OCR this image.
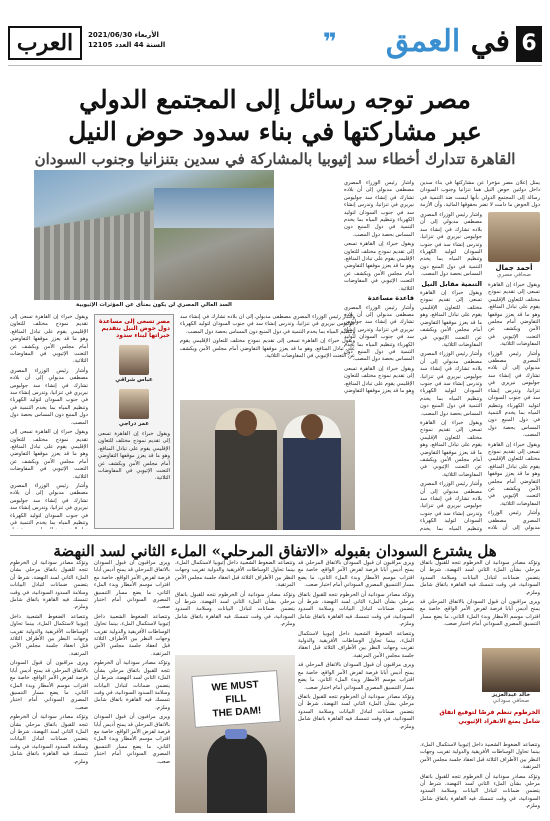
6
في العمق
❞
العرب	الأربعاء 2021/06/30
السنة 44 العدد 12105
مصر توجه رسائل إلى المجتمع الدولي
عبر مشاركتها في بناء سدود حوض النيل
القاهرة تتدارك أخطاء سد إثيوبيا بالمشاركة في سدين بتنزانيا وجنوب السودان
أحمد جمال
صحافي مصري
يمثل إعلان مصر مؤخرا عن مشاركتها في بناء سدين داخل دولتين حوض النيل هما تنزانيا وجنوب السودان رسالة إلى المجتمع الدولي بأنها ليست ضد التنمية في دول الحوض ما دامت لا تضر بحقوقها المائية، وأن الأزمة

وأشار رئيس الوزراء المصري مصطفى مدبولي إلى أن بلاده تشارك في إنشاء سد جوليوس نيريري في تنزانيا، وتدرس إنشاء سد في جنوب السودان لتوليد الكهرباء وتنظيم المياه بما يخدم التنمية في دول المنبع دون المساس بحصة دول المصب.

التنمية مقابل النيل

ويقول خبراء إن القاهرة تسعى إلى تقديم نموذج مختلف للتعاون الإقليمي يقوم على تبادل المنافع، وهو ما قد يعزز موقفها التفاوضي أمام مجلس الأمن ويكشف عن التعنت الإثيوبي في المفاوضات الثلاثية.

وأشار رئيس الوزراء المصري مصطفى مدبولي إلى أن بلاده تشارك في إنشاء سد جوليوس نيريري في تنزانيا، وتدرس إنشاء سد في جنوب السودان لتوليد الكهرباء وتنظيم المياه بما يخدم التنمية في دول المنبع دون المساس بحصة دول المصب.

ويقول خبراء إن القاهرة تسعى إلى تقديم نموذج مختلف للتعاون الإقليمي يقوم على تبادل المنافع، وهو ما قد يعزز موقفها التفاوضي أمام مجلس الأمن ويكشف عن التعنت الإثيوبي في المفاوضات الثلاثية.

وأشار رئيس الوزراء المصري مصطفى مدبولي إلى أن بلاده تشارك في إنشاء سد جوليوس نيريري في تنزانيا، وتدرس إنشاء سد في جنوب السودان لتوليد الكهرباء وتنظيم المياه بما يخدم

ويقول خبراء إن القاهرة تسعى إلى تقديم نموذج مختلف للتعاون الإقليمي يقوم على تبادل المنافع، وهو ما قد يعزز موقفها التفاوضي أمام مجلس الأمن ويكشف عن التعنت الإثيوبي في المفاوضات الثلاثية.

وأشار رئيس الوزراء المصري مصطفى مدبولي إلى أن بلاده تشارك في إنشاء سد جوليوس نيريري في تنزانيا، وتدرس إنشاء سد في جنوب السودان لتوليد الكهرباء وتنظيم المياه بما يخدم التنمية في دول المنبع دون المساس بحصة دول المصب.

ويقول خبراء إن القاهرة تسعى إلى تقديم نموذج مختلف للتعاون الإقليمي يقوم على تبادل المنافع، وهو ما قد يعزز موقفها التفاوضي أمام مجلس الأمن ويكشف عن التعنت الإثيوبي في المفاوضات الثلاثية.

وأشار رئيس الوزراء المصري مصطفى مدبولي إلى أن بلاده

وأشار رئيس الوزراء المصري مصطفى مدبولي إلى أن بلاده تشارك في إنشاء سد جوليوس نيريري في تنزانيا، وتدرس إنشاء سد في جنوب السودان لتوليد الكهرباء وتنظيم المياه بما يخدم التنمية في دول المنبع دون المساس بحصة دول المصب.

ويقول خبراء إن القاهرة تسعى إلى تقديم نموذج مختلف للتعاون الإقليمي يقوم على تبادل المنافع، وهو ما قد يعزز موقفها التفاوضي أمام مجلس الأمن ويكشف عن التعنت الإثيوبي في المفاوضات الثلاثية.

قاعدة مساعدة

وأشار رئيس الوزراء المصري مصطفى مدبولي إلى أن بلاده تشارك في إنشاء سد جوليوس نيريري في تنزانيا، وتدرس إنشاء سد في جنوب السودان لتوليد الكهرباء وتنظيم المياه بما يخدم التنمية في دول المنبع دون المساس بحصة دول المصب.

ويقول خبراء إن القاهرة تسعى إلى تقديم نموذج مختلف للتعاون الإقليمي يقوم على تبادل المنافع، وهو ما قد يعزز موقفها التفاوضي

السد العالي المصري لن يكون بمنأى عن المؤثرات الإثيوبية

ويقول خبراء إن القاهرة تسعى إلى تقديم نموذج مختلف للتعاون الإقليمي يقوم على تبادل المنافع، وهو ما قد يعزز موقفها التفاوضي أمام مجلس الأمن ويكشف عن التعنت الإثيوبي في المفاوضات الثلاثية.

وأشار رئيس الوزراء المصري مصطفى مدبولي إلى أن بلاده تشارك في إنشاء سد جوليوس نيريري في تنزانيا، وتدرس إنشاء سد في جنوب السودان لتوليد الكهرباء وتنظيم المياه بما يخدم التنمية في دول المنبع دون المساس بحصة دول المصب.

ويقول خبراء إن القاهرة تسعى إلى تقديم نموذج مختلف للتعاون الإقليمي يقوم على تبادل المنافع، وهو ما قد يعزز موقفها التفاوضي أمام مجلس الأمن ويكشف عن التعنت الإثيوبي في المفاوضات الثلاثية.

وأشار رئيس الوزراء المصري مصطفى مدبولي إلى أن بلاده تشارك في إنشاء سد جوليوس نيريري في تنزانيا، وتدرس إنشاء سد في جنوب السودان لتوليد الكهرباء وتنظيم المياه بما يخدم التنمية في

مصر تسعى إلى مساعدة دول حوض النيل بتقديم خبراتها لبناء سدود
عباس شراقي
عمر دراجي
ويقول خبراء إن القاهرة تسعى إلى تقديم نموذج مختلف للتعاون الإقليمي يقوم على تبادل المنافع، وهو ما قد يعزز موقفها التفاوضي أمام مجلس الأمن ويكشف عن التعنت الإثيوبي في المفاوضات الثلاثية.

وأشار رئيس الوزراء المصري مصطفى مدبولي إلى أن بلاده تشارك في إنشاء سد جوليوس نيريري في تنزانيا، وتدرس إنشاء سد في جنوب السودان لتوليد الكهرباء وتنظيم المياه بما يخدم التنمية في دول المنبع دون المساس بحصة دول المصب.

ويقول خبراء إن القاهرة تسعى إلى تقديم نموذج مختلف للتعاون الإقليمي يقوم على تبادل المنافع، وهو ما قد يعزز موقفها التفاوضي أمام مجلس الأمن ويكشف عن التعنت الإثيوبي في المفاوضات الثلاثية.

هل يشترع السودان بقبوله «الاتفاق المرحلي» الملء الثاني لسد النهضة
خالد عبدالعزيز
صحافي سوداني
الخرطوم تنظم فرصًا لتوقيع اتفاق شامل يمنع الانفراد الإثيوبي

وتؤكد مصادر سودانية أن الخرطوم تتجه للقبول باتفاق مرحلي بشأن الملء الثاني لسد النهضة، شرط أن يتضمن ضمانات لتبادل البيانات وسلامة السدود السودانية، في وقت تتمسك فيه القاهرة باتفاق شامل وملزم.

ويرى مراقبون أن قبول السودان بالاتفاق المرحلي قد يمنح أديس أبابا فرصة لفرض الأمر الواقع، خاصة مع اقتراب موسم الأمطار وبدء الملء الثاني، ما يضع مسار التنسيق المصري السوداني أمام اختبار صعب.

وتتصاعد الضغوط الشعبية داخل إثيوبيا لاستكمال الملء، بينما تحاول الوساطات الأفريقية والدولية تقريب وجهات النظر بين الأطراف الثلاثة قبل انعقاد جلسة مجلس الأمن المرتقبة.

وتؤكد مصادر سودانية أن الخرطوم تتجه للقبول باتفاق مرحلي بشأن الملء الثاني لسد النهضة، شرط أن يتضمن ضمانات لتبادل البيانات وسلامة السدود السودانية، في وقت تتمسك فيه القاهرة باتفاق شامل وملزم.

ويرى مراقبون أن قبول السودان بالاتفاق المرحلي قد يمنح أديس أبابا فرصة لفرض الأمر الواقع، خاصة مع اقتراب موسم الأمطار وبدء الملء الثاني، ما يضع مسار التنسيق المصري السوداني أمام اختبار صعب.

وتؤكد مصادر سودانية أن الخرطوم تتجه للقبول باتفاق مرحلي بشأن الملء الثاني لسد النهضة، شرط أن يتضمن ضمانات لتبادل البيانات وسلامة السدود السودانية، في وقت تتمسك فيه القاهرة باتفاق شامل وملزم.

وتتصاعد الضغوط الشعبية داخل إثيوبيا لاستكمال الملء، بينما تحاول الوساطات الأفريقية والدولية تقريب وجهات النظر بين الأطراف الثلاثة قبل انعقاد جلسة مجلس الأمن المرتقبة.

ويرى مراقبون أن قبول السودان بالاتفاق المرحلي قد يمنح أديس أبابا فرصة لفرض الأمر الواقع، خاصة مع اقتراب موسم الأمطار وبدء الملء الثاني، ما يضع مسار التنسيق المصري السوداني أمام اختبار صعب.

وتؤكد مصادر سودانية أن الخرطوم تتجه للقبول باتفاق مرحلي بشأن الملء الثاني لسد النهضة، شرط أن يتضمن ضمانات لتبادل البيانات وسلامة السدود السودانية، في وقت تتمسك فيه القاهرة باتفاق شامل وملزم.

وتتصاعد الضغوط الشعبية داخل إثيوبيا لاستكمال الملء، بينما تحاول الوساطات الأفريقية والدولية تقريب وجهات النظر بين الأطراف الثلاثة قبل انعقاد جلسة مجلس الأمن المرتقبة.

وتؤكد مصادر سودانية أن الخرطوم تتجه للقبول باتفاق مرحلي بشأن الملء الثاني لسد النهضة، شرط أن يتضمن ضمانات لتبادل البيانات وسلامة السدود السودانية، في وقت تتمسك فيه القاهرة باتفاق شامل وملزم.

وتؤكد مصادر سودانية أن الخرطوم تتجه للقبول باتفاق مرحلي بشأن الملء الثاني لسد النهضة، شرط أن يتضمن ضمانات لتبادل البيانات وسلامة السدود السودانية، في وقت تتمسك فيه القاهرة باتفاق شامل وملزم.

وتتصاعد الضغوط الشعبية داخل إثيوبيا لاستكمال الملء، بينما تحاول الوساطات الأفريقية والدولية تقريب وجهات النظر بين الأطراف الثلاثة قبل انعقاد جلسة مجلس الأمن المرتقبة.

ويرى مراقبون أن قبول السودان بالاتفاق المرحلي قد يمنح أديس أبابا فرصة لفرض الأمر الواقع، خاصة مع اقتراب موسم الأمطار وبدء الملء الثاني، ما يضع مسار التنسيق المصري السوداني أمام اختبار صعب.

وتؤكد مصادر سودانية أن الخرطوم تتجه للقبول باتفاق مرحلي بشأن الملء الثاني لسد النهضة، شرط أن يتضمن ضمانات لتبادل البيانات وسلامة السدود السودانية، في وقت تتمسك فيه القاهرة باتفاق شامل وملزم.

ويرى مراقبون أن قبول السودان بالاتفاق المرحلي قد يمنح أديس أبابا فرصة لفرض الأمر الواقع، خاصة مع اقتراب موسم الأمطار وبدء الملء الثاني، ما يضع مسار التنسيق المصري السوداني أمام اختبار صعب.

وتتصاعد الضغوط الشعبية داخل إثيوبيا لاستكمال الملء، بينما تحاول الوساطات الأفريقية والدولية تقريب وجهات النظر بين الأطراف الثلاثة قبل انعقاد جلسة مجلس الأمن المرتقبة.

وتؤكد مصادر سودانية أن الخرطوم تتجه للقبول باتفاق مرحلي بشأن الملء الثاني لسد النهضة، شرط أن يتضمن ضمانات لتبادل البيانات وسلامة السدود السودانية، في وقت تتمسك فيه القاهرة باتفاق شامل وملزم.

ويرى مراقبون أن قبول السودان بالاتفاق المرحلي قد يمنح أديس أبابا فرصة لفرض الأمر الواقع، خاصة مع اقتراب موسم الأمطار وبدء الملء الثاني، ما يضع مسار التنسيق المصري السوداني أمام اختبار صعب.

WE MUST
FILL
THE DAM!
